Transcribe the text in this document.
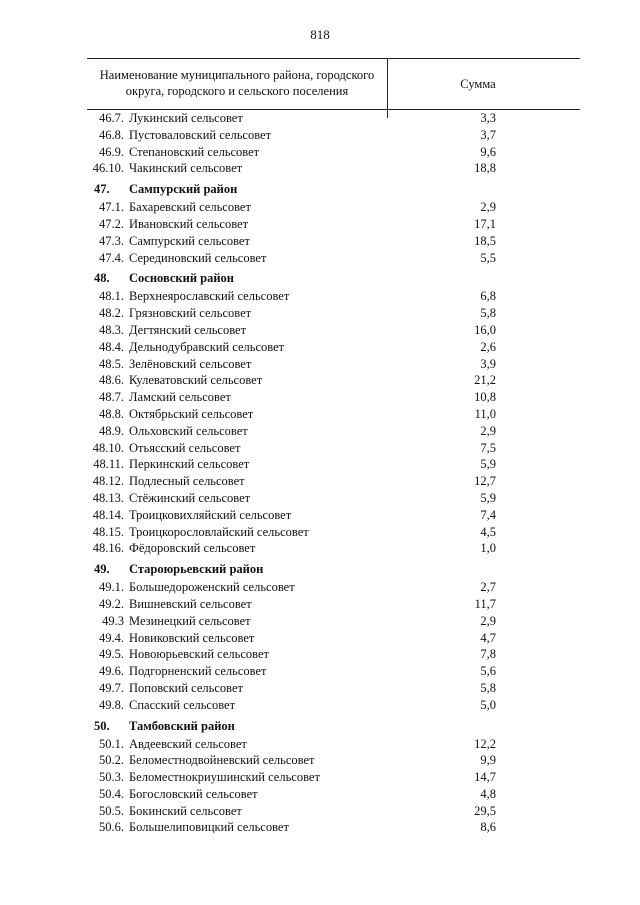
818
Наименование муниципального района, городского округа, городского и сельского поселения	Сумма
46.7. Лукинский сельсовет	3,3
46.8. Пустоваловский сельсовет	3,7
46.9. Степановский сельсовет	9,6
46.10. Чакинский сельсовет	18,8
47.	Сампурский район
47.1. Бахаревский сельсовет	2,9
47.2. Ивановский сельсовет	17,1
47.3. Сампурский сельсовет	18,5
47.4. Серединовский сельсовет	5,5
48.	Сосновский район
48.1. Верхнеярославский сельсовет	6,8
48.2. Грязновский сельсовет	5,8
48.3. Дегтянский сельсовет	16,0
48.4. Дельнодубравский сельсовет	2,6
48.5. Зелёновский сельсовет	3,9
48.6. Кулеватовский сельсовет	21,2
48.7. Ламский сельсовет	10,8
48.8. Октябрьский сельсовет	11,0
48.9. Ольховский сельсовет	2,9
48.10. Отьясский сельсовет	7,5
48.11. Перкинский сельсовет	5,9
48.12. Подлесный сельсовет	12,7
48.13. Стёжинский сельсовет	5,9
48.14. Троицковихляйский сельсовет	7,4
48.15. Троицкорословлайский сельсовет	4,5
48.16. Фёдоровский сельсовет	1,0
49.	Староюрьевский район
49.1. Большедороженский сельсовет	2,7
49.2. Вишневский сельсовет	11,7
49.3 Мезинецкий сельсовет	2,9
49.4. Новиковский сельсовет	4,7
49.5. Новоюрьевский сельсовет	7,8
49.6. Подгорненский сельсовет	5,6
49.7. Поповский сельсовет	5,8
49.8. Спасский сельсовет	5,0
50.	Тамбовский район
50.1. Авдеевский сельсовет	12,2
50.2. Беломестнодвойневский сельсовет	9,9
50.3. Беломестнокриушинский сельсовет	14,7
50.4. Богословский сельсовет	4,8
50.5. Бокинский сельсовет	29,5
50.6. Большелиповицкий сельсовет	8,6
